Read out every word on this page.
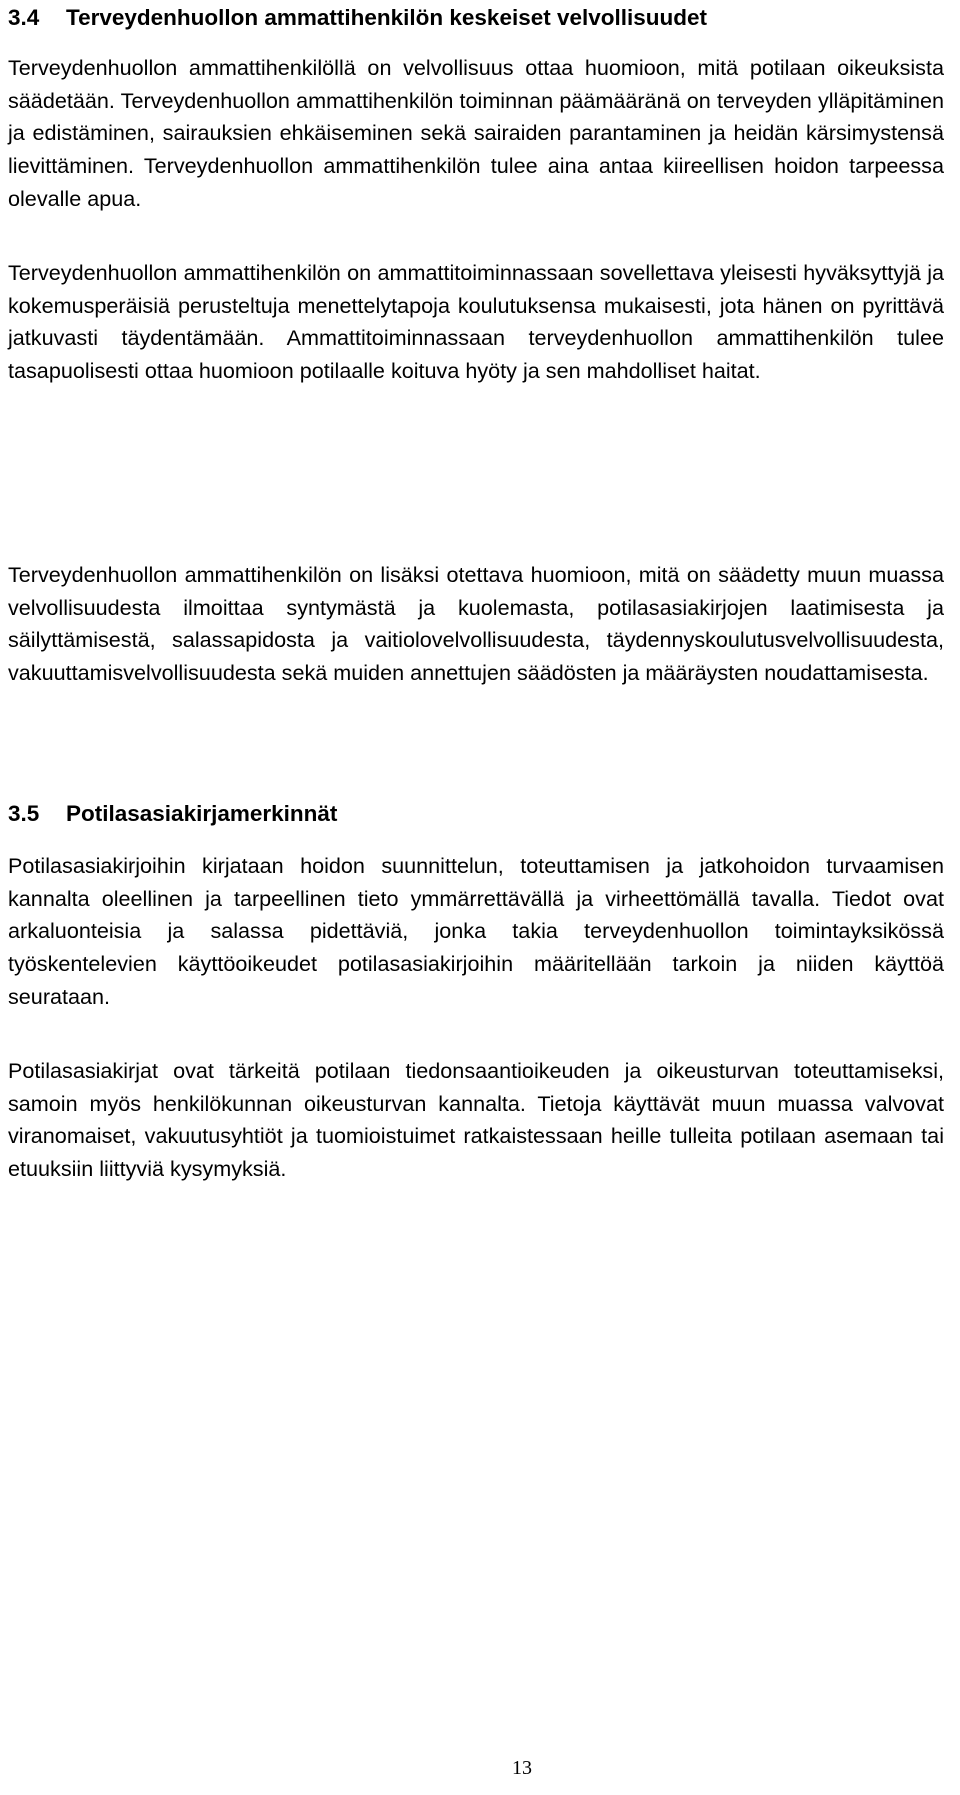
3.4	Terveydenhuollon ammattihenkilön keskeiset velvollisuudet

Terveydenhuollon ammattihenkilöllä on velvollisuus ottaa huomioon, mitä potilaan oikeuksista säädetään. Terveydenhuollon ammattihenkilön toiminnan päämääränä on terveyden ylläpitäminen ja edistäminen, sairauksien ehkäiseminen sekä sairaiden parantaminen ja heidän kärsimystensä lievittäminen. Terveydenhuollon ammattihenkilön tulee aina antaa kiireellisen hoidon tarpeessa olevalle apua.

Terveydenhuollon ammattihenkilön on ammattitoiminnassaan sovellettava yleisesti hyväksyttyjä ja kokemusperäisiä perusteltuja menettelytapoja koulutuksensa mukaisesti, jota hänen on pyrittävä jatkuvasti täydentämään. Ammattitoiminnassaan terveydenhuollon ammattihenkilön tulee tasapuolisesti ottaa huomioon potilaalle koituva hyöty ja sen mahdolliset haitat.

Terveydenhuollon ammattihenkilön on lisäksi otettava huomioon, mitä on säädetty muun muassa velvollisuudesta ilmoittaa syntymästä ja kuolemasta, potilasasiakirjojen laatimisesta ja säilyttämisestä, salassapidosta ja vaitiolovelvollisuudesta, täydennyskoulutusvelvollisuudesta, vakuuttamisvelvollisuudesta sekä muiden annettujen säädösten ja määräysten noudattamisesta.

3.5	Potilasasiakirjamerkinnät

Potilasasiakirjoihin kirjataan hoidon suunnittelun, toteuttamisen ja jatkohoidon turvaamisen kannalta oleellinen ja tarpeellinen tieto ymmärrettävällä ja virheettömällä tavalla. Tiedot ovat arkaluonteisia ja salassa pidettäviä, jonka takia terveydenhuollon toimintayksikössä työskentelevien käyttöoikeudet potilasasiakirjoihin määritellään tarkoin ja niiden käyttöä seurataan.

Potilasasiakirjat ovat tärkeitä potilaan tiedonsaantioikeuden ja oikeusturvan toteuttamiseksi, samoin myös henkilökunnan oikeusturvan kannalta. Tietoja käyttävät muun muassa valvovat viranomaiset, vakuutusyhtiöt ja tuomioistuimet ratkaistessaan heille tulleita potilaan asemaan tai etuuksiin liittyviä kysymyksiä.

13
